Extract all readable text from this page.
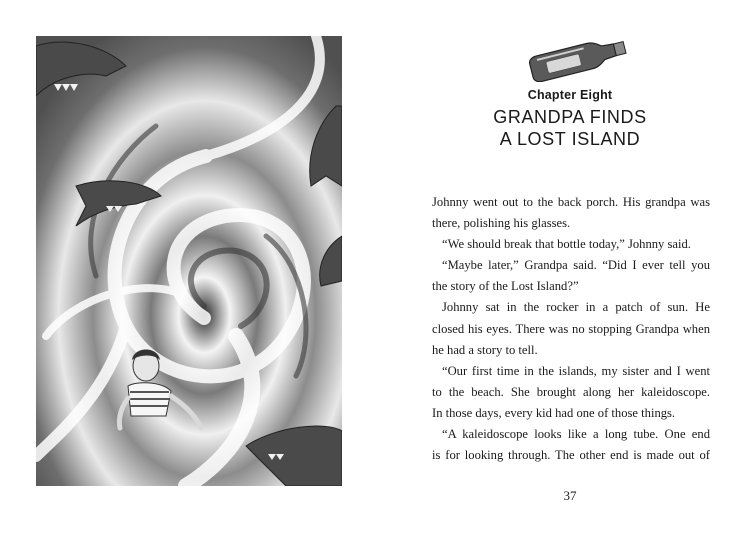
Chapter Eight
GRANDPA FINDS
A LOST ISLAND
Johnny went out to the back porch. His grandpa was
there, polishing his glasses.
“We should break that bottle today,” Johnny said.
“Maybe later,” Grandpa said. “Did I ever tell you
the story of the Lost Island?”
Johnny sat in the rocker in a patch of sun. He
closed his eyes. There was no stopping Grandpa when
he had a story to tell.
“Our first time in the islands, my sister and I went
to the beach. She brought along her kaleidoscope.
In those days, every kid had one of those things.
“A kaleidoscope looks like a long tube. One end
is for looking through. The other end is made out of
37
